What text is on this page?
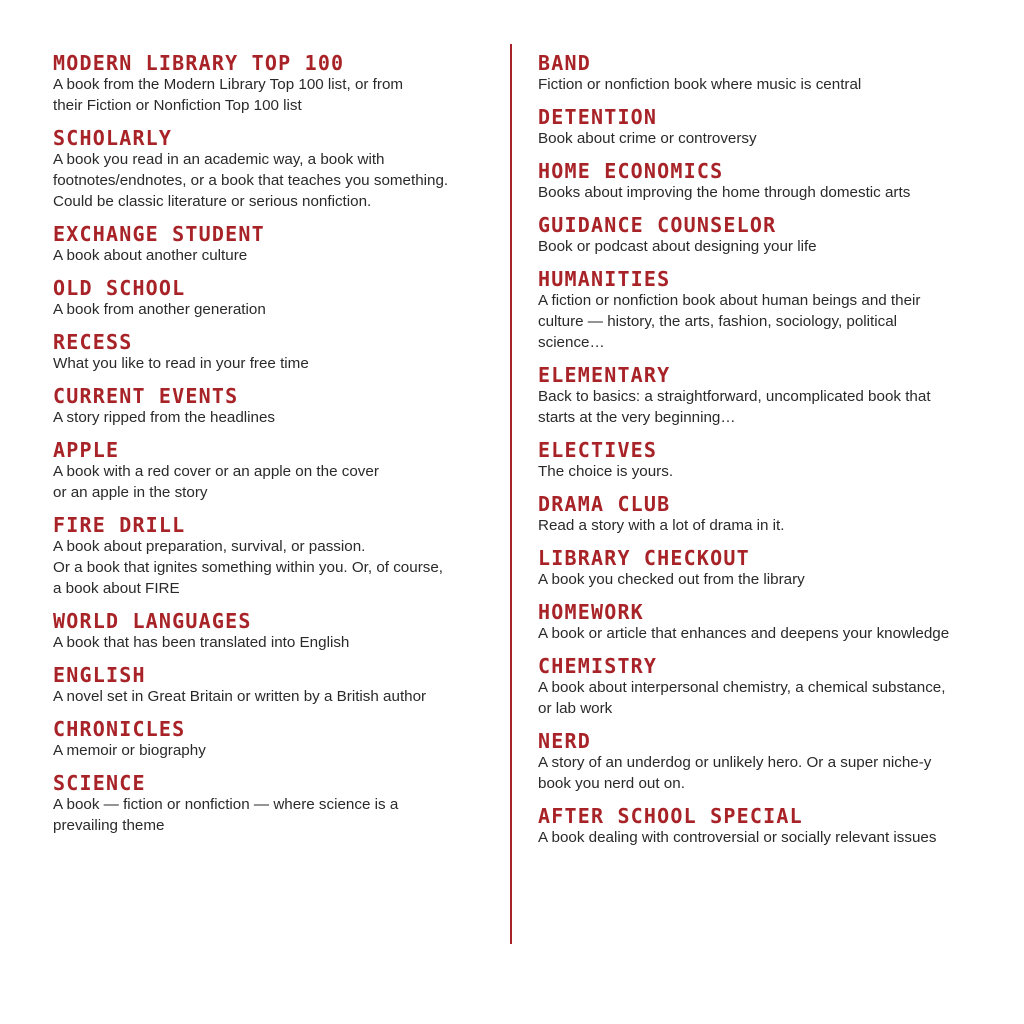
MODERN LIBRARY TOP 100

A book from the Modern Library Top 100 list, or from
their Fiction or Nonfiction Top 100 list

SCHOLARLY

A book you read in an academic way, a book with
footnotes/endnotes, or a book that teaches you something.
Could be classic literature or serious nonfiction.

EXCHANGE STUDENT

A book about another culture

OLD SCHOOL

A book from another generation

RECESS

What you like to read in your free time

CURRENT EVENTS

A story ripped from the headlines

APPLE

A book with a red cover or an apple on the cover
or an apple in the story

FIRE DRILL

A book about preparation, survival, or passion.
Or a book that ignites something within you. Or, of course,
a book about FIRE

WORLD LANGUAGES

A book that has been translated into English

ENGLISH

A novel set in Great Britain or written by a British author

CHRONICLES

A memoir or biography

SCIENCE

A book — fiction or nonfiction — where science is a
prevailing theme

BAND

Fiction or nonfiction book where music is central

DETENTION

Book about crime or controversy

HOME ECONOMICS

Books about improving the home through domestic arts

GUIDANCE COUNSELOR

Book or podcast about designing your life

HUMANITIES

A fiction or nonfiction book about human beings and their
culture — history, the arts, fashion, sociology, political
science…

ELEMENTARY

Back to basics: a straightforward, uncomplicated book that
starts at the very beginning…

ELECTIVES

The choice is yours.

DRAMA CLUB

Read a story with a lot of drama in it.

LIBRARY CHECKOUT

A book you checked out from the library

HOMEWORK

A book or article that enhances and deepens your knowledge

CHEMISTRY

A book about interpersonal chemistry, a chemical substance,
or lab work

NERD

A story of an underdog or unlikely hero. Or a super niche-y
book you nerd out on.

AFTER SCHOOL SPECIAL

A book dealing with controversial or socially relevant issues
